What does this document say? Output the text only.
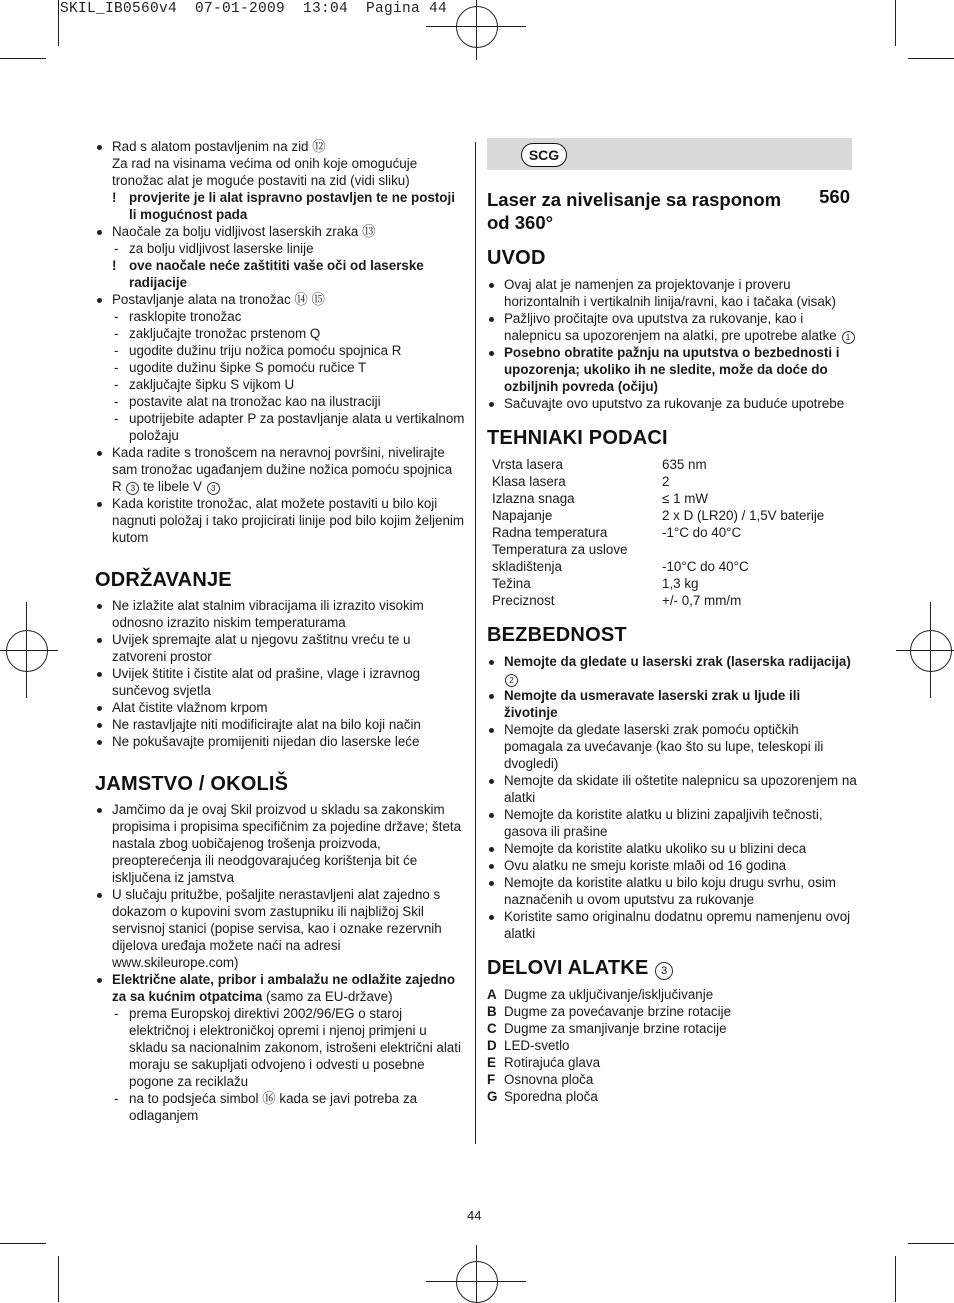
SKIL_IB0560v4  07-01-2009  13:04  Pagina 44
Rad s alatom postavljenim na zid ⑫
Za rad na visinama većima od onih koje omogućuje tronožac alat je moguće postaviti na zid (vidi sliku)
! provjerite je li alat ispravno postavljen te ne postoji li mogućnost pada
Naočale za bolju vidljivost laserskih zraka ⑬
- za bolju vidljivost laserske linije
! ove naočale neće zaštititi vaše oči od laserske radijacije
Postavljanje alata na tronožac ⑭ ⑮
- rasklopite tronožac
- zaključajte tronožac prstenom Q
- ugodite dužinu triju nožica pomoću spojnica R
- ugodite dužinu šipke S pomoću ručice T
- zaključajte šipku S vijkom U
- postavite alat na tronožac kao na ilustraciji
- upotrijebite adapter P za postavljanje alata u vertikalnom položaju
Kada radite s tronošcem na neravnoj površini, nivelirajte sam tronožac ugađanjem dužine nožica pomoću spojnica R 3 te libele V 3
Kada koristite tronožac, alat možete postaviti u bilo koji nagnuti položaj i tako projicirati linije pod bilo kojim željenim kutom
ODRŽAVANJE
Ne izlažite alat stalnim vibracijama ili izrazito visokim odnosno izrazito niskim temperaturama
Uvijek spremajte alat u njegovu zaštitnu vreću te u zatvoreni prostor
Uvijek štitite i čistite alat od prašine, vlage i izravnog sunčevog svjetla
Alat čistite vlažnom krpom
Ne rastavljajte niti modificirajte alat na bilo koji način
Ne pokušavajte promijeniti nijedan dio laserske leće
JAMSTVO / OKOLIŠ
Jamčimo da je ovaj Skil proizvod u skladu sa zakonskim propisima i propisima specifičnim za pojedine države; šteta nastala zbog uobičajenog trošenja proizvoda, preopterećenja ili neodgovarajućeg korištenja bit će isključena iz jamstva
U slučaju pritužbe, pošaljite nerastavljeni alat zajedno s dokazom o kupovini svom zastupniku ili najbližoj Skil servisnoj stanici (popise servisa, kao i oznake rezervnih dijelova uređaja možete naći na adresi www.skileurope.com)
Električne alate, pribor i ambalažu ne odlažite zajedno za sa kućnim otpatcima (samo za EU-države)
- prema Europskoj direktivi 2002/96/EG o staroj električnoj i elektroničkoj opremi i njenoj primjeni u skladu sa nacionalnim zakonom, istrošeni električni alati moraju se sakupljati odvojeno i odvesti u posebne pogone za reciklažu
- na to podsjeća simbol ⑯ kada se javi potreba za odlaganjem
SCG
Laser za nivelisanje sa rasponom od 360°
560
UVOD
Ovaj alat je namenjen za projektovanje i proveru horizontalnih i vertikalnih linija/ravni, kao i tačaka (visak)
Pažljivo pročitajte ova uputstva za rukovanje, kao i nalepnicu sa upozorenjem na alatki, pre upotrebe alatke 1
Posebno obratite pažnju na uputstva o bezbednosti i upozorenja; ukoliko ih ne sledite, može da doće do ozbiljnih povreda (očiju)
Sačuvajte ovo uputstvo za rukovanje za buduće upotrebe
TEHNIAKI PODACI
Vrsta lasera	635 nm
Klasa lasera	2
Izlazna snaga	≤ 1 mW
Napajanje	2 x D (LR20) / 1,5V baterije
Radna temperatura	-1°C do 40°C
Temperatura za uslove	
skladištenja	-10°C do 40°C
Težina	1,3 kg
Preciznost	+/- 0,7 mm/m
BEZBEDNOST
Nemojte da gledate u laserski zrak (laserska radijacija) 2
Nemojte da usmeravate laserski zrak u ljude ili životinje
Nemojte da gledate laserski zrak pomoću optičkih pomagala za uvećavanje (kao što su lupe, teleskopi ili dvogledi)
Nemojte da skidate ili oštetite nalepnicu sa upozorenjem na alatki
Nemojte da koristite alatku u blizini zapaljivih tečnosti, gasova ili prašine
Nemojte da koristite alatku ukoliko su u blizini deca
Ovu alatku ne smeju koriste mlaði od 16 godina
Nemojte da koristite alatku u bilo koju drugu svrhu, osim naznačenih u ovom uputstvu za rukovanje
Koristite samo originalnu dodatnu opremu namenjenu ovoj alatki
DELOVI ALATKE 3
A Dugme za uključivanje/isključivanje
B Dugme za povećavanje brzine rotacije
C Dugme za smanjivanje brzine rotacije
D LED-svetlo
E Rotirajuća glava
F Osnovna ploča
G Sporedna ploča
44
